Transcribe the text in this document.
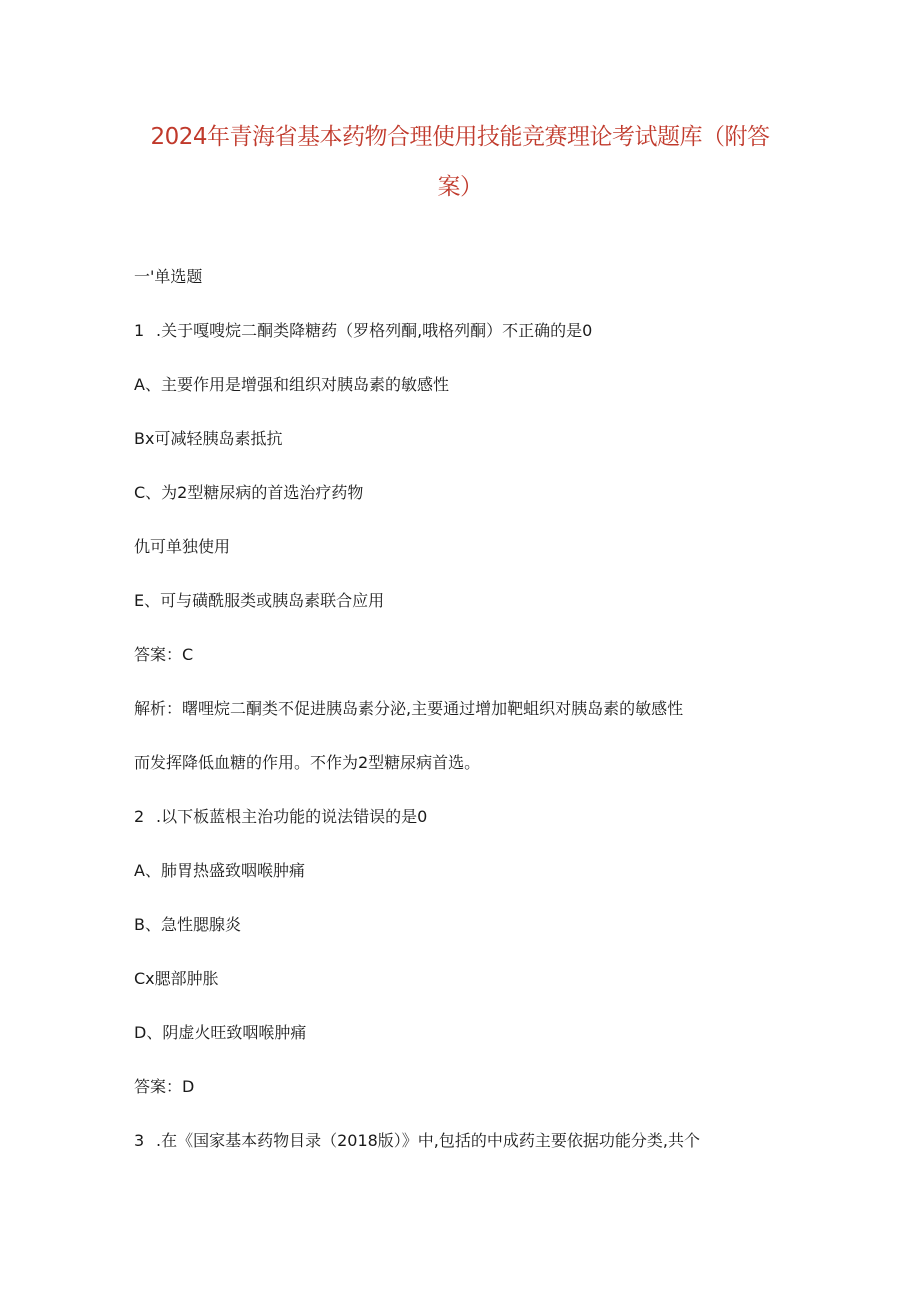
2024年青海省基本药物合理使用技能竞赛理论考试题库（附答
案）

一'单选题

1 .关于嘎嗖烷二酮类降糖药（罗格列酮,哦格列酮）不正确的是0

A、主要作用是增强和组织对胰岛素的敏感性

Bx可减轻胰岛素抵抗

C、为2型糖尿病的首选治疗药物

仇可单独使用

E、可与磺酰服类或胰岛素联合应用

答案：C

解析：曙哩烷二酮类不促进胰岛素分泌,主要通过增加靶蛆织对胰岛素的敏感性

而发挥降低血糖的作用。不作为2型糖尿病首选。

2 .以下板蓝根主治功能的说法错误的是0

A、肺胃热盛致咽喉肿痛

B、急性腮腺炎

Cx腮部肿胀

D、阴虚火旺致咽喉肿痛

答案：D

3 .在《国家基本药物目录（2018版）》中,包括的中成药主要依据功能分类,共个
